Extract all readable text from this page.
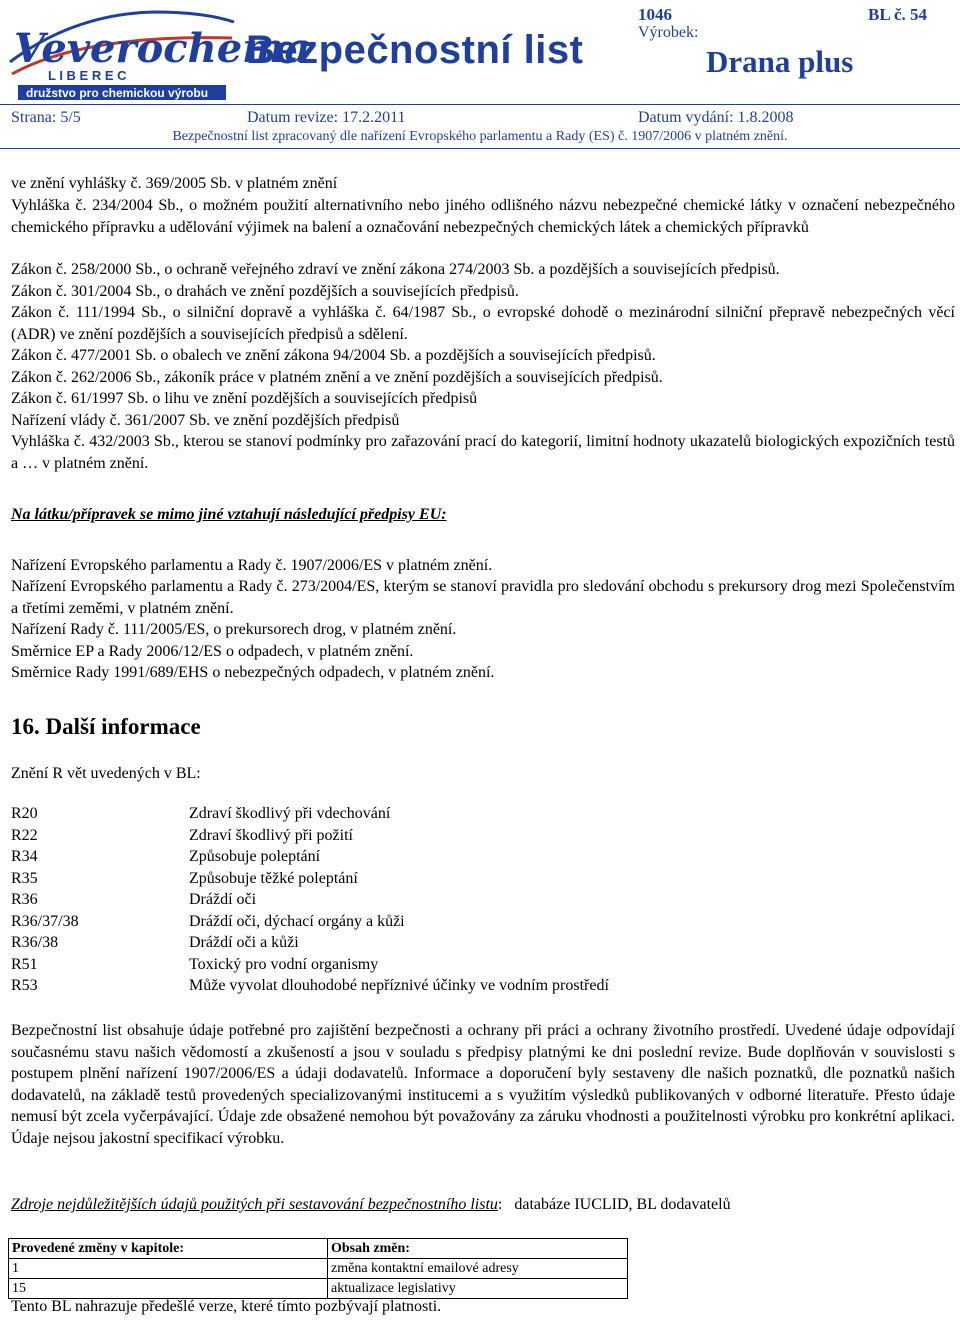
Veverochema
L I B E R E C
družstvo pro chemickou výrobu
Bezpečnostní list
1046	BL č. 54
Výrobek:
Drana plus
Strana: 5/5	Datum revize: 17.2.2011	Datum vydání: 1.8.2008
Bezpečnostní list zpracovaný dle nařízení Evropského parlamentu a Rady (ES) č. 1907/2006 v platném znění.
ve znění vyhlášky č. 369/2005 Sb. v platném znění
Vyhláška č. 234/2004 Sb., o možném použití alternativního nebo jiného odlišného názvu nebezpečné chemické látky v označení nebezpečného chemického přípravku a udělování výjimek na balení a označování nebezpečných chemických látek a chemických přípravků
Zákon č. 258/2000 Sb., o ochraně veřejného zdraví ve znění zákona 274/2003 Sb. a pozdějších a souvisejících předpisů.
Zákon č. 301/2004 Sb., o drahách ve znění pozdějších a souvisejících předpisů.
Zákon č. 111/1994 Sb., o silniční dopravě a vyhláška č. 64/1987 Sb., o evropské dohodě o mezinárodní silniční přepravě nebezpečných věcí (ADR) ve znění pozdějších a souvisejících předpisů a sdělení.
Zákon č. 477/2001 Sb. o obalech ve znění zákona 94/2004 Sb. a pozdějších a souvisejících předpisů.
Zákon č. 262/2006 Sb., zákoník práce v platném znění a ve znění pozdějších a souvisejících předpisů.
Zákon č. 61/1997 Sb. o lihu ve znění pozdějších a souvisejících předpisů
Nařízení vlády č. 361/2007 Sb. ve znění pozdějších předpisů
Vyhláška č. 432/2003 Sb., kterou se stanoví podmínky pro zařazování prací do kategorií, limitní hodnoty ukazatelů biologických expozičních testů a … v platném znění.
Na látku/přípravek se mimo jiné vztahují následující předpisy EU:
Nařízení Evropského parlamentu a Rady č. 1907/2006/ES v platném znění.
Nařízení Evropského parlamentu a Rady č. 273/2004/ES, kterým se stanoví pravidla pro sledování obchodu s prekursory drog mezi Společenstvím a třetími zeměmi, v platném znění.
Nařízení Rady č. 111/2005/ES, o prekursorech drog, v platném znění.
Směrnice EP a Rady 2006/12/ES o odpadech, v platném znění.
Směrnice Rady 1991/689/EHS o nebezpečných odpadech, v platném znění.
16. Další informace
Znění R vět uvedených v BL:
R20	Zdraví škodlivý při vdechování
R22	Zdraví škodlivý při požití
R34	Způsobuje poleptání
R35	Způsobuje těžké poleptání
R36	Dráždí oči
R36/37/38	Dráždí oči, dýchací orgány a kůži
R36/38	Dráždí oči a kůži
R51	Toxický pro vodní organismy
R53	Může vyvolat dlouhodobé nepříznivé účinky ve vodním prostředí
Bezpečnostní list obsahuje údaje potřebné pro zajištění bezpečnosti a ochrany při práci a ochrany životního prostředí. Uvedené údaje odpovídají současnému stavu našich vědomostí a zkušeností a jsou v souladu s předpisy platnými ke dni poslední revize. Bude doplňován v souvislosti s postupem plnění nařízení 1907/2006/ES a údaji dodavatelů. Informace a doporučení byly sestaveny dle našich poznatků, dle poznatků našich dodavatelů, na základě testů provedených specializovanými institucemi a s využitím výsledků publikovaných v odborné literatuře. Přesto údaje nemusí být zcela vyčerpávající. Údaje zde obsažené nemohou být považovány za záruku vhodnosti a použitelnosti výrobku pro konkrétní aplikaci. Údaje nejsou jakostní specifikací výrobku.
Zdroje nejdůležitějších údajů použitých při sestavování bezpečnostního listu:   databáze IUCLID, BL dodavatelů
Provedené změny v kapitole:	Obsah změn:
1	změna kontaktní emailové adresy
15	aktualizace legislativy
Tento BL nahrazuje předešlé verze, které tímto pozbývají platnosti.
